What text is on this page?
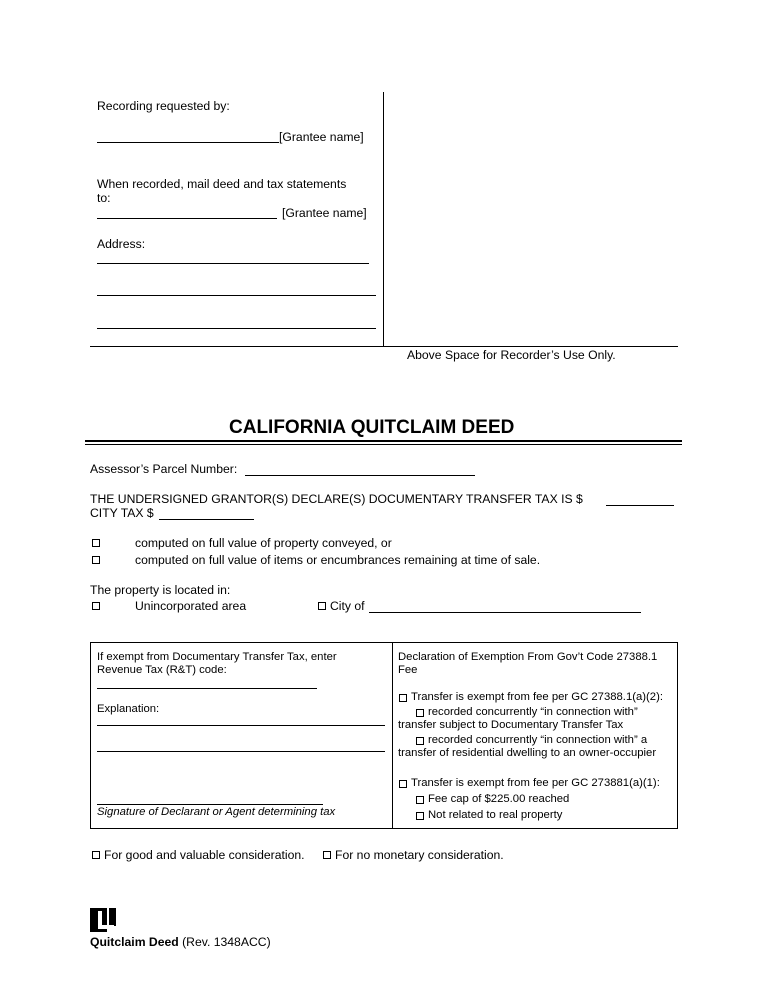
Recording requested by:
[Grantee name]
When recorded, mail deed and tax statements
to:
[Grantee name]
Address:
Above Space for Recorder’s Use Only.
CALIFORNIA QUITCLAIM DEED
Assessor’s Parcel Number:
THE UNDERSIGNED GRANTOR(S) DECLARE(S) DOCUMENTARY TRANSFER TAX IS $
CITY TAX $
computed on full value of property conveyed, or
computed on full value of items or encumbrances remaining at time of sale.
The property is located in:
Unincorporated area	City of
If exempt from Documentary Transfer Tax, enter
Revenue Tax (R&T) code:
Explanation:
Signature of Declarant or Agent determining tax
Declaration of Exemption From Gov’t Code 27388.1
Fee
Transfer is exempt from fee per GC 27388.1(a)(2):
recorded concurrently “in connection with”
transfer subject to Documentary Transfer Tax
recorded concurrently “in connection with” a
transfer of residential dwelling to an owner-occupier
Transfer is exempt from fee per GC 273881(a)(1):
Fee cap of $225.00 reached
Not related to real property
For good and valuable consideration. For no monetary consideration.
Quitclaim Deed (Rev. 1348ACC)
